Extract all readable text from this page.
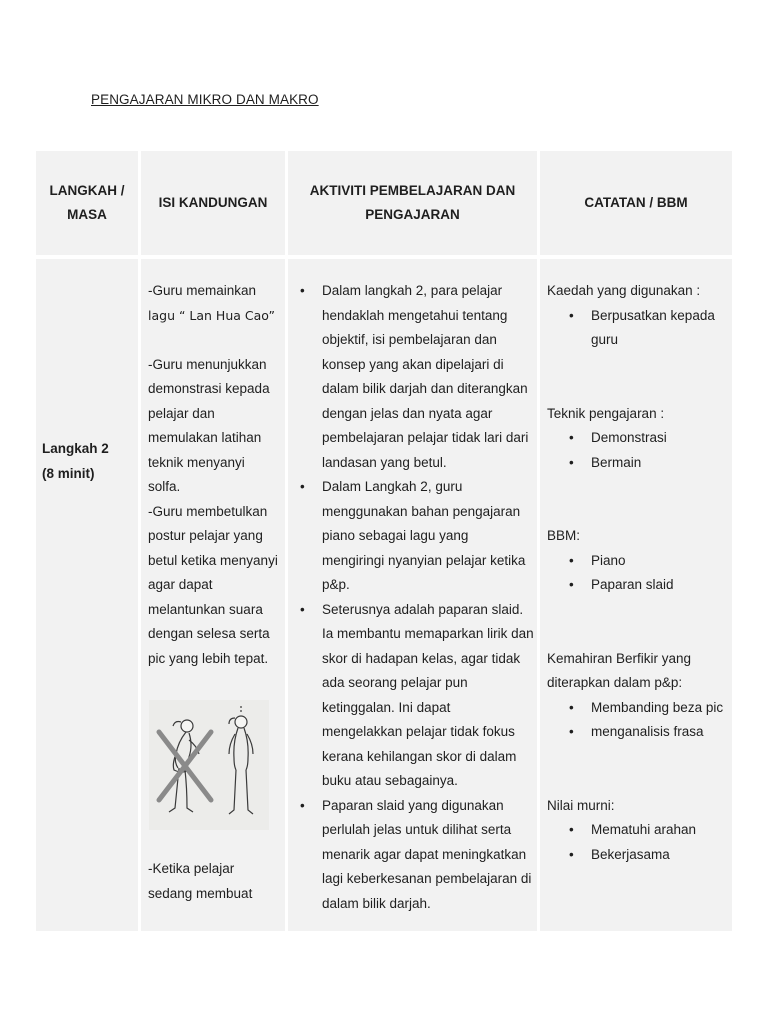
PENGAJARAN MIKRO DAN MAKRO
LANGKAH / MASA
ISI KANDUNGAN
AKTIVITI PEMBELAJARAN DAN PENGAJARAN
CATATAN / BBM
Langkah 2
(8 minit)

-Guru memainkan

lagu “ Lan Hua Cao”

-Guru menunjukkan

demonstrasi kepada

pelajar dan

memulakan latihan

teknik menyanyi

solfa.

-Guru membetulkan

postur pelajar yang

betul ketika menyanyi

agar dapat

melantunkan suara

dengan selesa serta

pic yang lebih tepat.

-Ketika pelajar
sedang membuat
• Dalam langkah 2, para pelajar hendaklah mengetahui tentang objektif, isi pembelajaran dan konsep yang akan dipelajari di dalam bilik darjah dan diterangkan dengan jelas dan nyata agar pembelajaran pelajar tidak lari dari landasan yang betul.
• Dalam Langkah 2, guru menggunakan bahan pengajaran piano sebagai lagu yang mengiringi nyanyian pelajar ketika p&p.
• Seterusnya adalah paparan slaid. Ia membantu memaparkan lirik dan skor di hadapan kelas, agar tidak ada seorang pelajar pun ketinggalan. Ini dapat mengelakkan pelajar tidak fokus kerana kehilangan skor di dalam buku atau sebagainya.
• Paparan slaid yang digunakan perlulah jelas untuk dilihat serta menarik agar dapat meningkatkan lagi keberkesanan pembelajaran di dalam bilik darjah.

Kaedah yang digunakan :

• Berpusatkan kepada guru

Teknik pengajaran :

• Demonstrasi
• Bermain

BBM:

• Piano
• Paparan slaid

Kemahiran Berfikir yang diterapkan dalam p&p:

• Membanding beza pic
• menganalisis frasa

Nilai murni:

• Mematuhi arahan
• Bekerjasama
